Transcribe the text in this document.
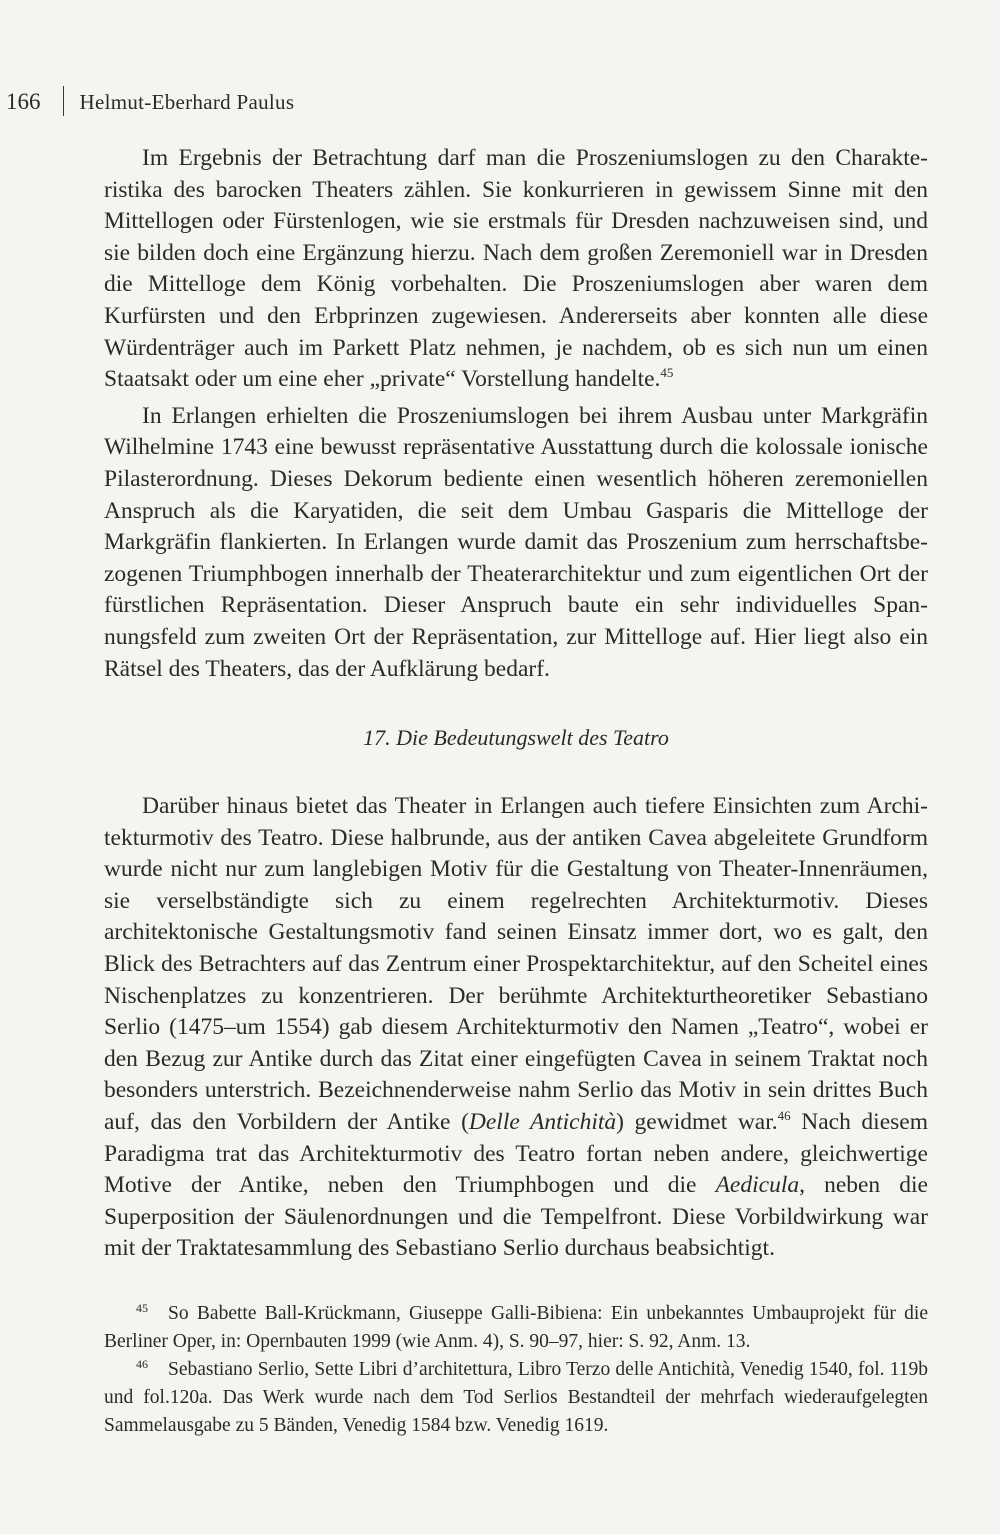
166 Helmut-Eberhard Paulus

Im Ergebnis der Betrachtung darf man die Proszeniumslogen zu den Charakteristika des barocken Theaters zählen. Sie konkurrieren in gewissem Sinne mit den Mittellogen oder Fürstenlogen, wie sie erstmals für Dresden nachzuweisen sind, und sie bilden doch eine Ergänzung hierzu. Nach dem großen Zeremoniell war in Dresden die Mittelloge dem König vorbehalten. Die Proszeniumslogen aber waren dem Kurfürsten und den Erbprinzen zugewiesen. Andererseits aber konnten alle diese Würdenträger auch im Parkett Platz nehmen, je nachdem, ob es sich nun um einen Staatsakt oder um eine eher „private“ Vorstellung handelte.$^{45}$

In Erlangen erhielten die Proszeniumslogen bei ihrem Ausbau unter Markgräfin Wilhelmine 1743 eine bewusst repräsentative Ausstattung durch die kolossale ionische Pilasterordnung. Dieses Dekorum bediente einen wesentlich höheren zeremoniellen Anspruch als die Karyatiden, die seit dem Umbau Gasparis die Mittelloge der Markgräfin flankierten. In Erlangen wurde damit das Proszenium zum herrschaftsbezogenen Triumphbogen innerhalb der Theaterarchitektur und zum eigentlichen Ort der fürstlichen Repräsentation. Dieser Anspruch baute ein sehr individuelles Spannungsfeld zum zweiten Ort der Repräsentation, zur Mittelloge auf. Hier liegt also ein Rätsel des Theaters, das der Aufklärung bedarf.

17. Die Bedeutungswelt des Teatro

Darüber hinaus bietet das Theater in Erlangen auch tiefere Einsichten zum Architekturmotiv des Teatro. Diese halbrunde, aus der antiken Cavea abgeleitete Grundform wurde nicht nur zum langlebigen Motiv für die Gestaltung von Theater-Innenräumen, sie verselbständigte sich zu einem regelrechten Architekturmotiv. Dieses architektonische Gestaltungsmotiv fand seinen Einsatz immer dort, wo es galt, den Blick des Betrachters auf das Zentrum einer Prospektarchitektur, auf den Scheitel eines Nischenplatzes zu konzentrieren. Der berühmte Architekturtheoretiker Sebastiano Serlio (1475–um 1554) gab diesem Architekturmotiv den Namen „Teatro“, wobei er den Bezug zur Antike durch das Zitat einer eingefügten Cavea in seinem Traktat noch besonders unterstrich. Bezeichnenderweise nahm Serlio das Motiv in sein drittes Buch auf, das den Vorbildern der Antike (Delle Antichità) gewidmet war.$^{46}$ Nach diesem Paradigma trat das Architekturmotiv des Teatro fortan neben andere, gleichwertige Motive der Antike, neben den Triumphbogen und die Aedicula, neben die Superposition der Säulenordnungen und die Tempelfront. Diese Vorbildwirkung war mit der Traktatesammlung des Sebastiano Serlio durchaus beabsichtigt.

45 So Babette Ball-Krückmann, Giuseppe Galli-Bibiena: Ein unbekanntes Umbauprojekt für die Berliner Oper, in: Opernbauten 1999 (wie Anm. 4), S. 90–97, hier: S. 92, Anm. 13.

46 Sebastiano Serlio, Sette Libri d’architettura, Libro Terzo delle Antichità, Venedig 1540, fol. 119b und fol.120a. Das Werk wurde nach dem Tod Serlios Bestandteil der mehrfach wiederaufgelegten Sammelausgabe zu 5 Bänden, Venedig 1584 bzw. Venedig 1619.
